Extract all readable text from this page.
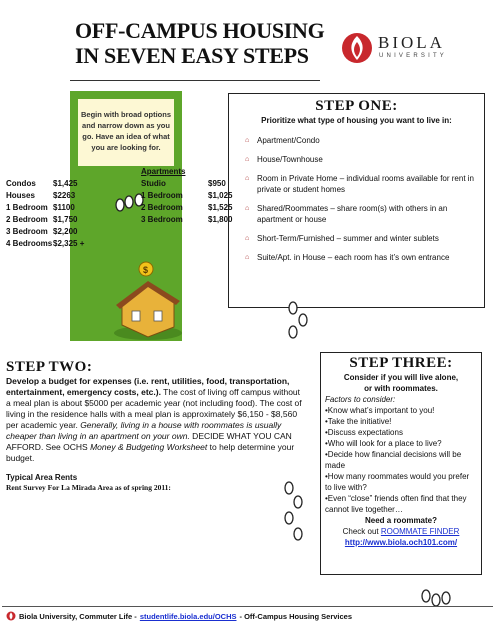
OFF-CAMPUS HOUSING
IN SEVEN EASY STEPS
BIOLA
UNIVERSITY
Begin with broad options and narrow down as you go. Have an idea of what you are looking for.
$
STEP ONE:
Prioritize what type of housing you want to live in:
⌂ Apartment/Condo
⌂ House/Townhouse
⌂ Room in Private Home – individual rooms available for rent in private or student homes
⌂ Shared/Roommates – share room(s) with others in an apartment or house
⌂ Short-Term/Furnished – summer and winter sublets
⌂ Suite/Apt. in House – each room has it’s own entrance
STEP TWO:
Develop a budget for expenses (i.e. rent, utilities, food, transportation, entertainment, emergency costs, etc.). The cost of living off campus without a meal plan is about $5000 per academic year (not including food). The cost of living in the residence halls with a meal plan is approximately $6,150 - $8,560 per academic year. Generally, living in a house with roommates is usually cheaper than living in an apartment on your own. DECIDE WHAT YOU CAN AFFORD. See OCHS Money & Budgeting Worksheet to help determine your budget.
Typical Area Rents
Rent Survey For La Mirada Area as of spring 2011:
Apartments
Condos	$1,425	Studio	$950
Houses	$2263	1 Bedroom	$1,025
1 Bedroom $1100	2 Bedroom	$1,525
2 Bedroom $1,750	3 Bedroom	$1,800
3 Bedroom $2,200
4 Bedrooms $2,325 +
STEP THREE:
Consider if you will live alone,
or with roommates.
Factors to consider:
•Know what’s important to you!
•Take the initiative!
•Discuss expectations
•Who will look for a place to live?
•Decide how financial decisions will be made
•How many roommates would you prefer to live with?
•Even “close” friends often find that they cannot live together…
Need a roommate?
Check out ROOMMATE FINDER
http://www.biola.och101.com/
Biola University, Commuter Life - studentlife.biola.edu/OCHS - Off-Campus Housing Services
